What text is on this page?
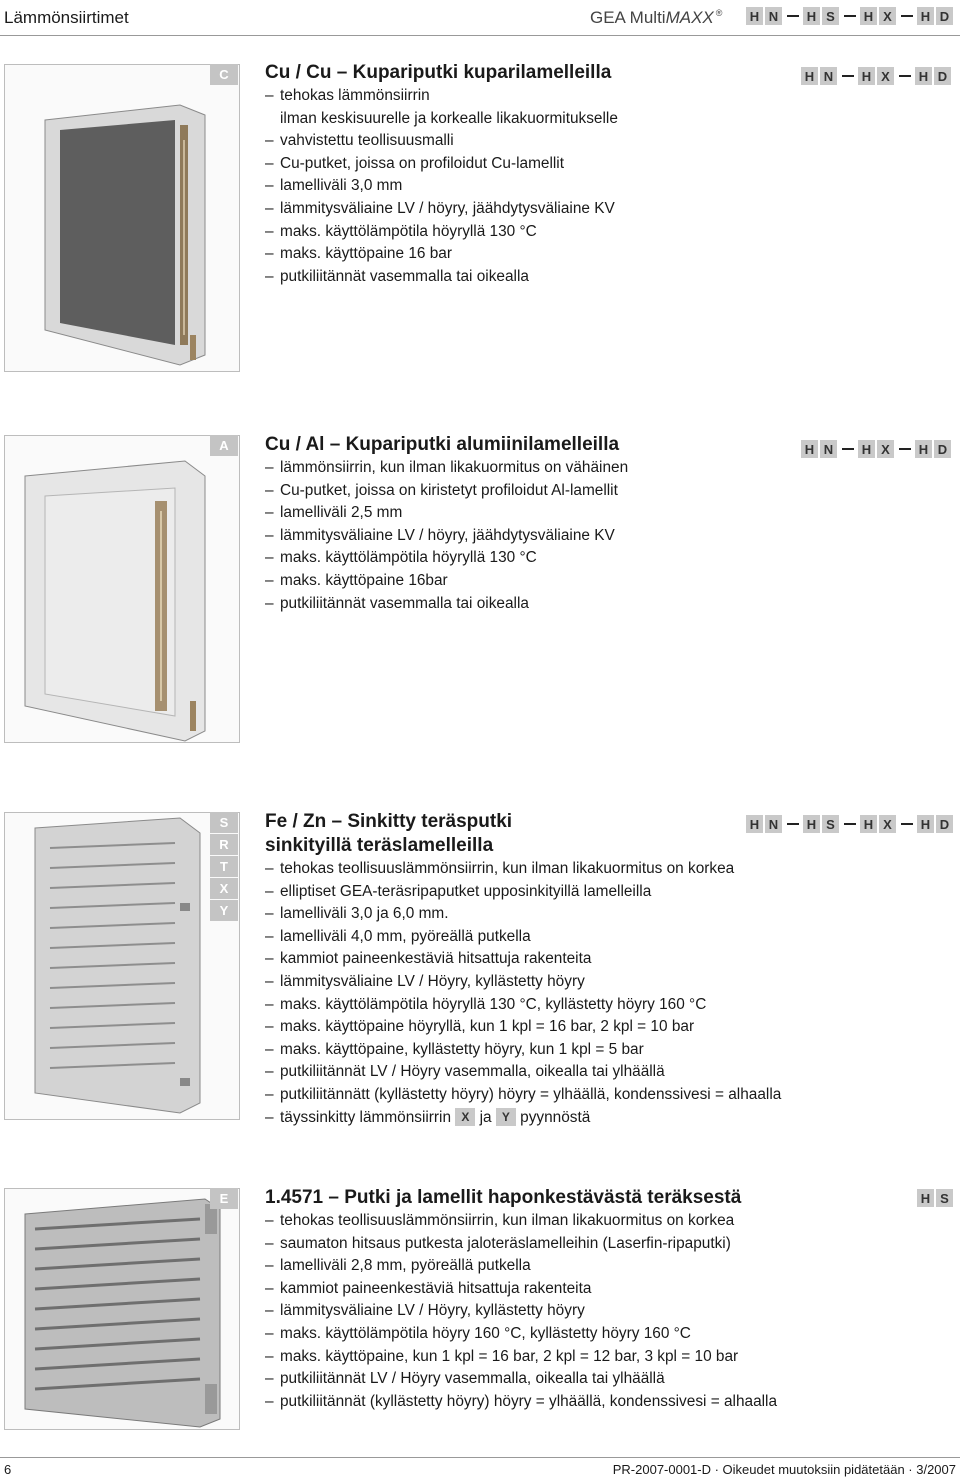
Lämmönsiirtimet	GEA MultiMAXX ® H N H S	H X	H D
C	H N H X	H D
Cu / Cu – Kupariputki kuparilamelleilla
– tehokas lämmönsiirrin
ilman keskisuurelle ja korkealle likakuormitukselle
– vahvistettu teollisuusmalli
– Cu-putket, joissa on profiloidut Cu-lamellit
– lamelliväli 3,0 mm
– lämmitysväliaine LV / höyry, jäähdytysväliaine KV
– maks. käyttölämpötila höyryllä 130 °C
– maks. käyttöpaine 16 bar
– putkiliitännät vasemmalla tai oikealla
A	H N H X	H D
Cu / Al – Kupariputki alumiinilamelleilla
– lämmönsiirrin, kun ilman likakuormitus on vähäinen
– Cu-putket, joissa on kiristetyt profiloidut Al-lamellit
– lamelliväli 2,5 mm
– lämmitysväliaine LV / höyry, jäähdytysväliaine KV
– maks. käyttölämpötila höyryllä 130 °C
– maks. käyttöpaine 16bar
– putkiliitännät vasemmalla tai oikealla
S
R
T
X
Y
H N H S	H X	H D
Fe / Zn – Sinkitty teräsputki
sinkityillä teräslamelleilla
– tehokas teollisuuslämmönsiirrin, kun ilman likakuormitus on korkea
– elliptiset GEA-teräsripaputket upposinkityillä lamelleilla
– lamelliväli 3,0 ja 6,0 mm.
– lamelliväli 4,0 mm, pyöreällä putkella
– kammiot paineenkestäviä hitsattuja rakenteita
– lämmitysväliaine LV / Höyry, kyllästetty höyry
– maks. käyttölämpötila höyryllä 130 °C, kyllästetty höyry 160 °C
– maks. käyttöpaine höyryllä, kun 1 kpl = 16 bar, 2 kpl = 10 bar
– maks. käyttöpaine, kyllästetty höyry, kun 1 kpl = 5 bar
– putkiliitännät LV / Höyry vasemmalla, oikealla tai ylhäällä
– putkiliitännätt (kyllästetty höyry) höyry = ylhäällä, kondenssivesi = alhaalla
– täyssinkitty lämmönsiirrin X ja Y pyynnöstä
E	H S
1.4571 – Putki ja lamellit haponkestävästä teräksestä
– tehokas teollisuuslämmönsiirrin, kun ilman likakuormitus on korkea
– saumaton hitsaus putkesta jaloteräslamelleihin (Laserfin-ripaputki)
– lamelliväli 2,8 mm, pyöreällä putkella
– kammiot paineenkestäviä hitsattuja rakenteita
– lämmitysväliaine LV / Höyry, kyllästetty höyry
– maks. käyttölämpötila höyry 160 °C, kyllästetty höyry 160 °C
– maks. käyttöpaine, kun 1 kpl = 16 bar, 2 kpl = 12 bar, 3 kpl = 10 bar
– putkiliitännät LV / Höyry vasemmalla, oikealla tai ylhäällä
– putkiliitännät (kyllästetty höyry) höyry = ylhäällä, kondenssivesi = alhaalla
6	PR-2007-0001-D · Oikeudet muutoksiin pidätetään · 3/2007
